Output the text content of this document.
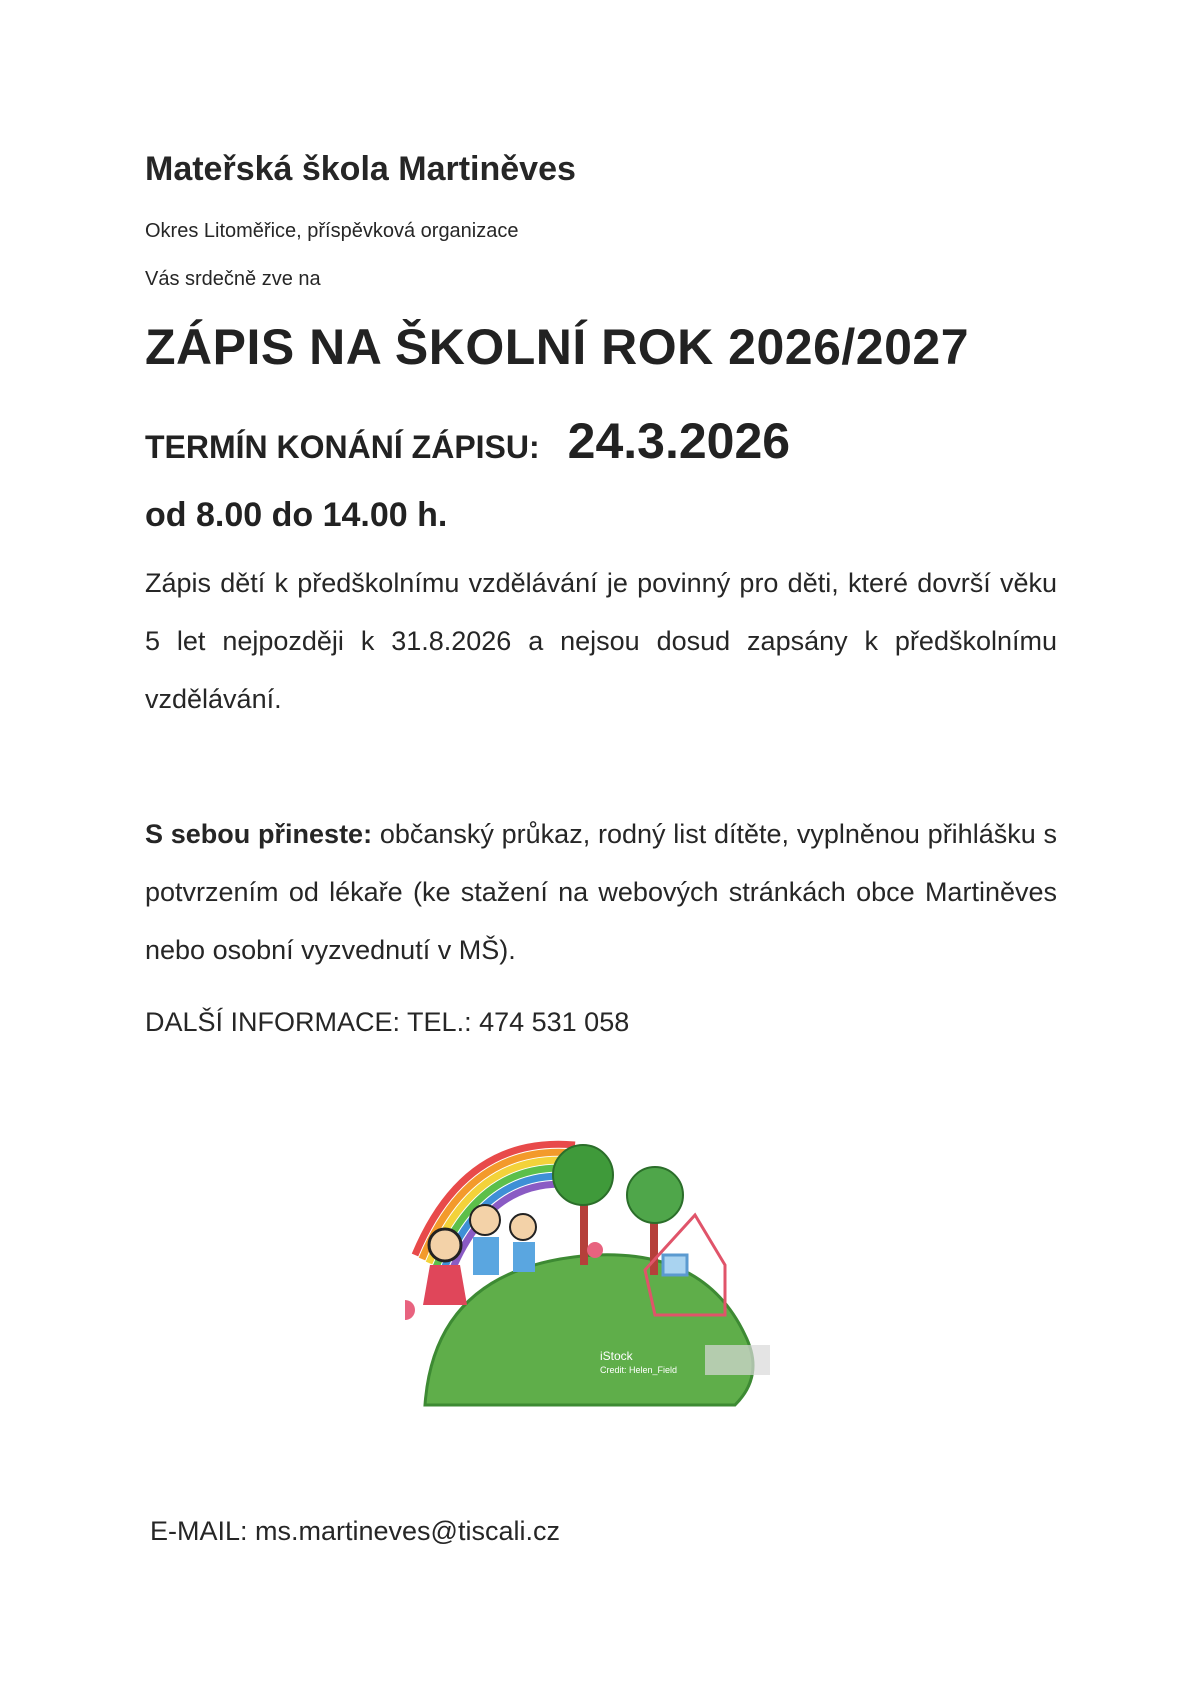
Mateřská škola Martiněves
Okres Litoměřice, příspěvková organizace
Vás srdečně zve na
ZÁPIS NA ŠKOLNÍ ROK 2026/2027
TERMÍN KONÁNÍ ZÁPISU: 24.3.2026
od 8.00 do 14.00 h.
Zápis dětí k předškolnímu vzdělávání je povinný pro děti, které dovrší věku 5 let nejpozději k 31.8.2026 a nejsou dosud zapsány k předškolnímu vzdělávání.
S sebou přineste: občanský průkaz, rodný list dítěte, vyplněnou přihlášku s potvrzením od lékaře (ke stažení na webových stránkách obce Martiněves nebo osobní vyzvednutí v MŠ).
DALŠÍ INFORMACE: TEL.: 474 531 058
iStock
Credit: Helen_Field
E-MAIL: ms.martineves@tiscali.cz
